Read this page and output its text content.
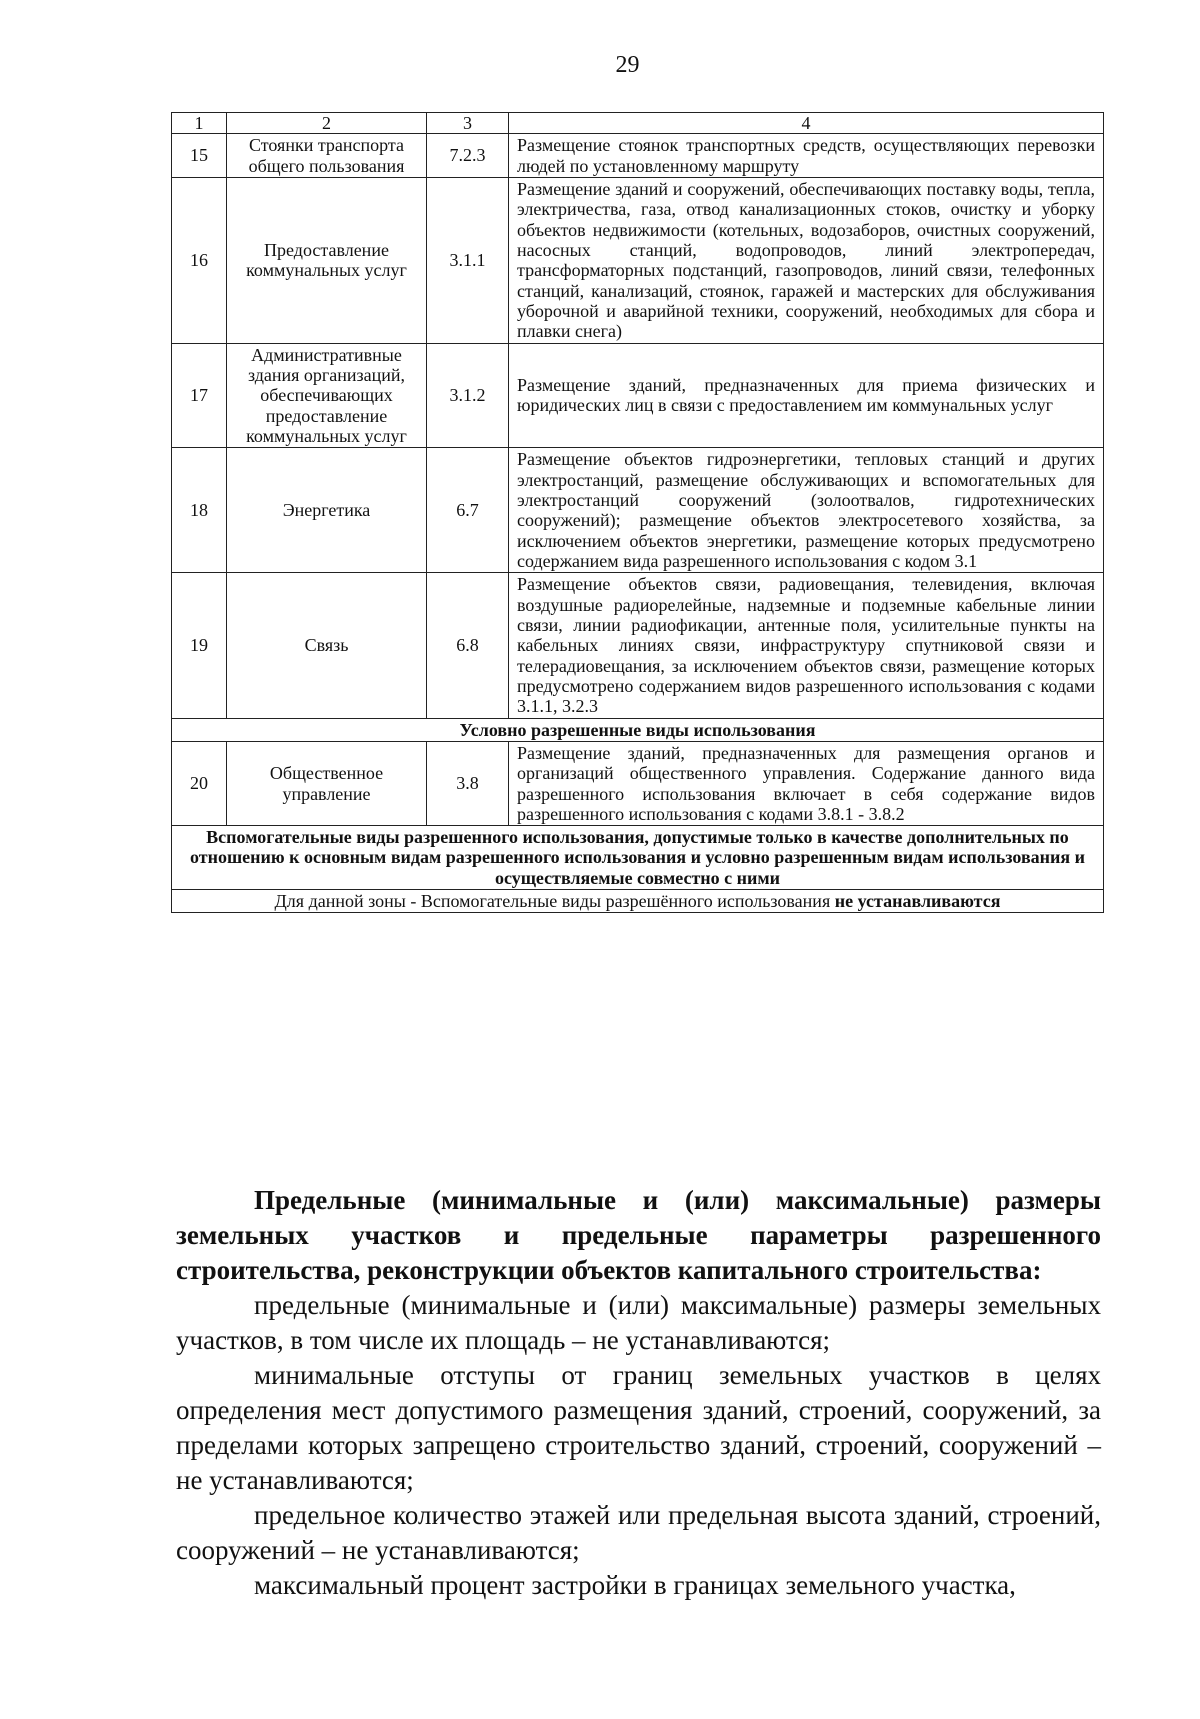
29
1	2	3	4
15	Стоянки транспорта общего пользования	7.2.3	Размещение стоянок транспортных средств, осуществляющих перевозки людей по установленному маршруту
16	Предоставление коммунальных услуг	3.1.1	Размещение зданий и сооружений, обеспечивающих поставку воды, тепла, электричества, газа, отвод канализационных стоков, очистку и уборку объектов недвижимости (котельных, водозаборов, очистных сооружений, насосных станций, водопроводов, линий электропередач, трансформаторных подстанций, газопроводов, линий связи, телефонных станций, канализаций, стоянок, гаражей и мастерских для обслуживания уборочной и аварийной техники, сооружений, необходимых для сбора и плавки снега)
17	Административные здания организаций, обеспечивающих предоставление коммунальных услуг	3.1.2	Размещение зданий, предназначенных для приема физических и юридических лиц в связи с предоставлением им коммунальных услуг
18	Энергетика	6.7	Размещение объектов гидроэнергетики, тепловых станций и других электростанций, размещение обслуживающих и вспомогательных для электростанций сооружений (золоотвалов, гидротехнических сооружений); размещение объектов электросетевого хозяйства, за исключением объектов энергетики, размещение которых предусмотрено содержанием вида разрешенного использования с кодом 3.1
19	Связь	6.8	Размещение объектов связи, радиовещания, телевидения, включая воздушные радиорелейные, надземные и подземные кабельные линии связи, линии радиофикации, антенные поля, усилительные пункты на кабельных линиях связи, инфраструктуру спутниковой связи и телерадиовещания, за исключением объектов связи, размещение которых предусмотрено содержанием видов разрешенного использования с кодами 3.1.1, 3.2.3
Условно разрешенные виды использования			
20	Общественное управление	3.8	Размещение зданий, предназначенных для размещения органов и организаций общественного управления. Содержание данного вида разрешенного использования включает в себя содержание видов разрешенного использования с кодами 3.8.1 - 3.8.2
Вспомогательные виды разрешенного использования, допустимые только в качестве дополнительных по отношению к основным видам разрешенного использования и условно разрешенным видам использования и осуществляемые совместно с ними			
Для данной зоны - Вспомогательные виды разрешённого использования не устанавливаются			

Предельные (минимальные и (или) максимальные) размеры земельных участков и предельные параметры разрешенного строительства, реконструкции объектов капитального строительства:

предельные (минимальные и (или) максимальные) размеры земельных участков, в том числе их площадь – не устанавливаются;

минимальные отступы от границ земельных участков в целях определения мест допустимого размещения зданий, строений, сооружений, за пределами которых запрещено строительство зданий, строений, сооружений – не устанавливаются;

предельное количество этажей или предельная высота зданий, строений, сооружений – не устанавливаются;

максимальный процент застройки в границах земельного участка,
